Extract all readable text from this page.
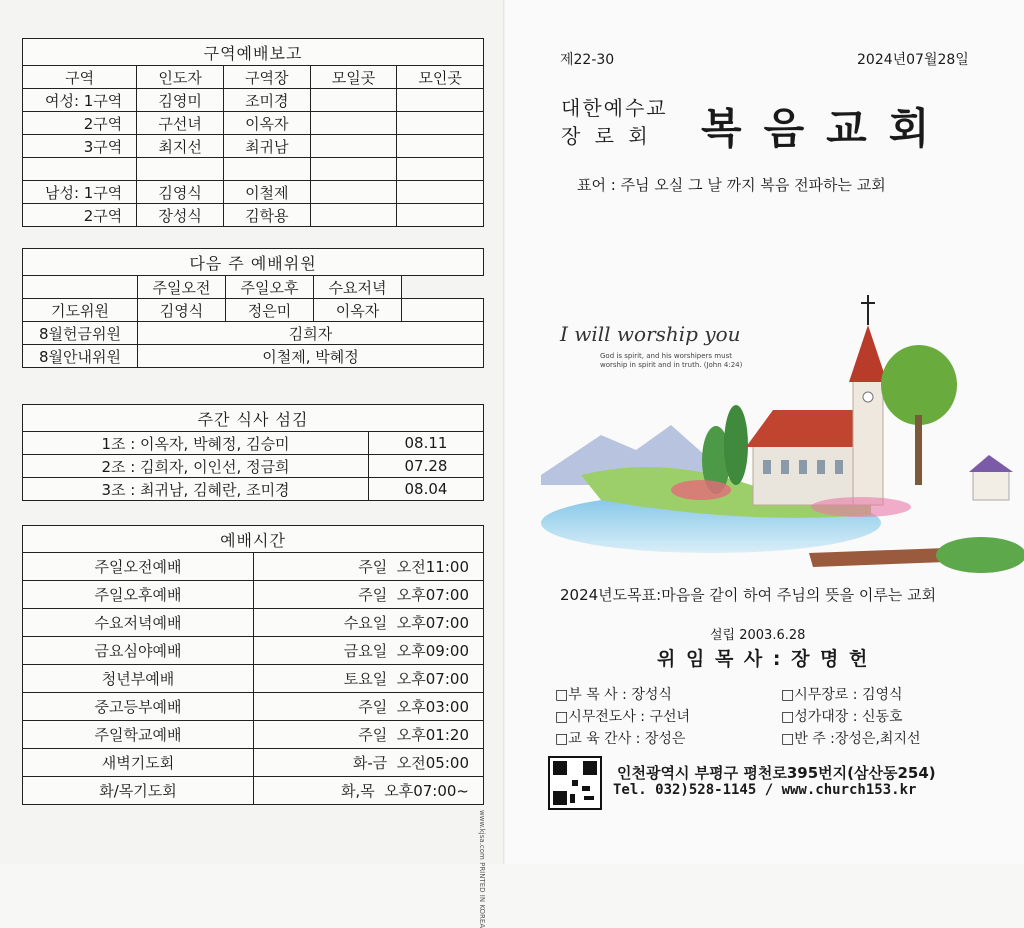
구역예배보고				
구역	인도자	구역장	모일곳	모인곳
여성: 1구역	김영미	조미경		
2구역	구선녀	이옥자		
3구역	최지선	최귀남		

남성: 1구역	김영식	이철제		
2구역	장성식	김학용		
다음 주 예배위원				
	주일오전	주일오후	수요저녁	
기도위원	김영식	정은미	이옥자	
8월헌금위원	김희자			
8월안내위원	이철제, 박혜정			
주간 식사 섬김	
1조 : 이옥자, 박혜정, 김승미	08.11
2조 : 김희자, 이인선, 정금희	07.28
3조 : 최귀남, 김혜란, 조미경	08.04
예배시간	
주일오전예배	주일  오전11:00
주일오후예배	주일  오후07:00
수요저녁예배	수요일  오후07:00
금요심야예배	금요일  오후09:00
청년부예배	토요일  오후07:00
중고등부예배	주일  오후03:00
주일학교예배	주일  오후01:20
새벽기도회	화-금  오전05:00
화/목기도회	화,목  오후07:00~
www.kjsa.com PRINTED IN KOREA
제22-30	2024년07월28일
대한예수교
장 로 회 복음교회
표어 : 주님 오실 그 날 까지 복음 전파하는 교회
I will worship you
God is spirit, and his worshipers must
worship in spirit and in truth. (John 4:24)
2024년도목표:마음을 같이 하여 주님의 뜻을 이루는 교회
설립 2003.6.28
위 임 목 사 : 장 명 헌
□부 목 사 : 장성식
□시무전도사 : 구선녀
□교 육 간사 : 장성은
□시무장로 : 김영식
□성가대장 : 신동호
□반 주 :장성은,최지선
인천광역시 부평구 평천로395번지(삼산동254)
Tel. 032)528-1145 / www.church153.kr
